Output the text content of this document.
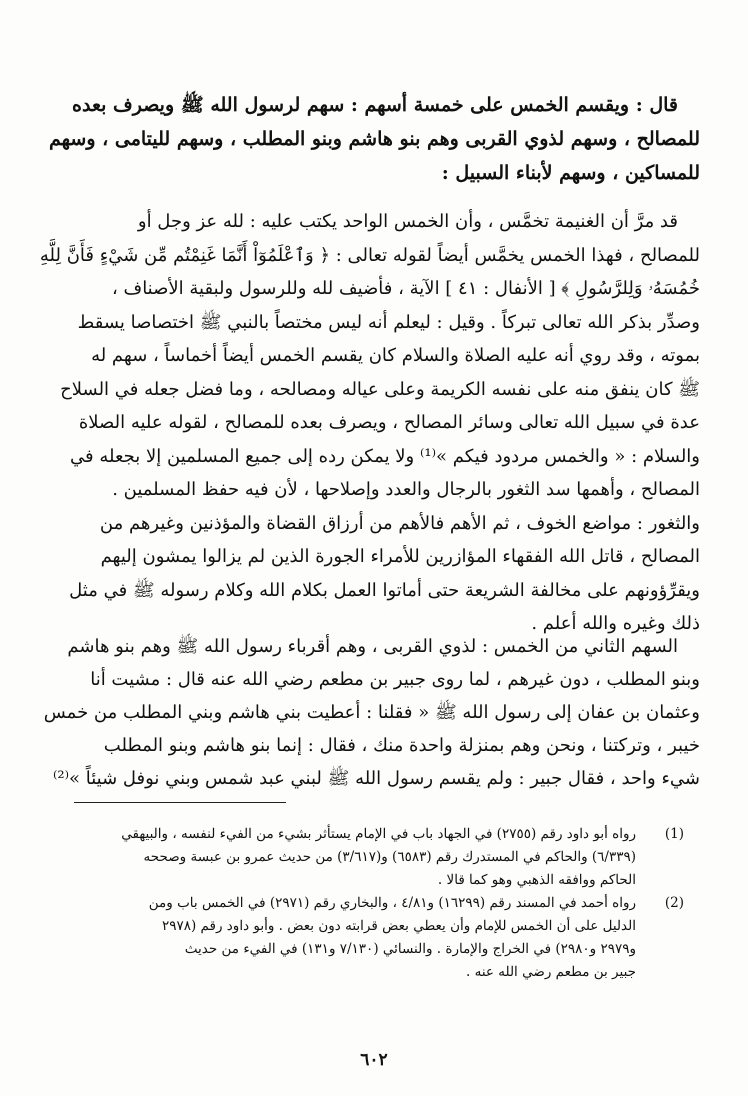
قال : ويقسم الخمس على خمسة أسهم : سهم لرسول الله ﷺ ويصرف بعده
للمصالح ، وسهم لذوي القربى وهم بنو هاشم وبنو المطلب ، وسهم لليتامى ، وسهم
للمساكين ، وسهم لأبناء السبيل :
قد مرَّ أن الغنيمة تخمَّس ، وأن الخمس الواحد يكتب عليه : لله عز وجل أو
للمصالح ، فهذا الخمس يخمَّس أيضاً لقوله تعالى : ﴿ وَٱعْلَمُوٓاْ أَنَّمَا غَنِمْتُم مِّن شَيْءٍ فَأَنَّ لِلَّهِ
خُمُسَهُۥ وَلِلرَّسُولِ ﴾ [ الأنفال : ٤١ ] الآية ، فأضيف لله وللرسول ولبقية الأصناف ،
وصدِّر بذكر الله تعالى تبركاً . وقيل : ليعلم أنه ليس مختصاً بالنبي ﷺ اختصاصا يسقط
بموته ، وقد روي أنه عليه الصلاة والسلام كان يقسم الخمس أيضاً أخماساً ، سهم له
ﷺ كان ينفق منه على نفسه الكريمة وعلى عياله ومصالحه ، وما فضل جعله في السلاح
عدة في سبيل الله تعالى وسائر المصالح ، ويصرف بعده للمصالح ، لقوله عليه الصلاة
والسلام : « والخمس مردود فيكم »⁽¹⁾ ولا يمكن رده إلى جميع المسلمين إلا بجعله في
المصالح ، وأهمها سد الثغور بالرجال والعدد وإصلاحها ، لأن فيه حفظ المسلمين .
والثغور : مواضع الخوف ، ثم الأهم فالأهم من أرزاق القضاة والمؤذنين وغيرهم من
المصالح ، قاتل الله الفقهاء المؤازرين للأمراء الجورة الذين لم يزالوا يمشون إليهم
ويقرِّؤونهم على مخالفة الشريعة حتى أماتوا العمل بكلام الله وكلام رسوله ﷺ في مثل
ذلك وغيره والله أعلم .
السهم الثاني من الخمس : لذوي القربى ، وهم أقرباء رسول الله ﷺ وهم بنو هاشم
وبنو المطلب ، دون غيرهم ، لما روى جبير بن مطعم رضي الله عنه قال : مشيت أنا
وعثمان بن عفان إلى رسول الله ﷺ « فقلنا : أعطيت بني هاشم وبني المطلب من خمس
خيبر ، وتركتنا ، ونحن وهم بمنزلة واحدة منك ، فقال : إنما بنو هاشم وبنو المطلب
شيء واحد ، فقال جبير : ولم يقسم رسول الله ﷺ لبني عبد شمس وبني نوفل شيئاً »⁽²⁾
(1)
رواه أبو داود رقم (٢٧٥٥) في الجهاد باب في الإمام يستأثر بشيء من الفيء لنفسه ، والبيهقي
(٦/٣٣٩) والحاكم في المستدرك رقم (٦٥٨٣) و(٣/٦١٧) من حديث عمرو بن عبسة وصححه
الحاكم ووافقه الذهبي وهو كما قالا .
(2)
رواه أحمد في المسند رقم (١٦٢٩٩) و٤/٨١ ، والبخاري رقم (٢٩٧١) في الخمس باب ومن
الدليل على أن الخمس للإمام وأن يعطي بعض قرابته دون بعض . وأبو داود رقم (٢٩٧٨
و٢٩٧٩ و٢٩٨٠) في الخراج والإمارة . والنسائي (٧/١٣٠ و١٣١) في الفيء من حديث
جبير بن مطعم رضي الله عنه .
٦٠٢
